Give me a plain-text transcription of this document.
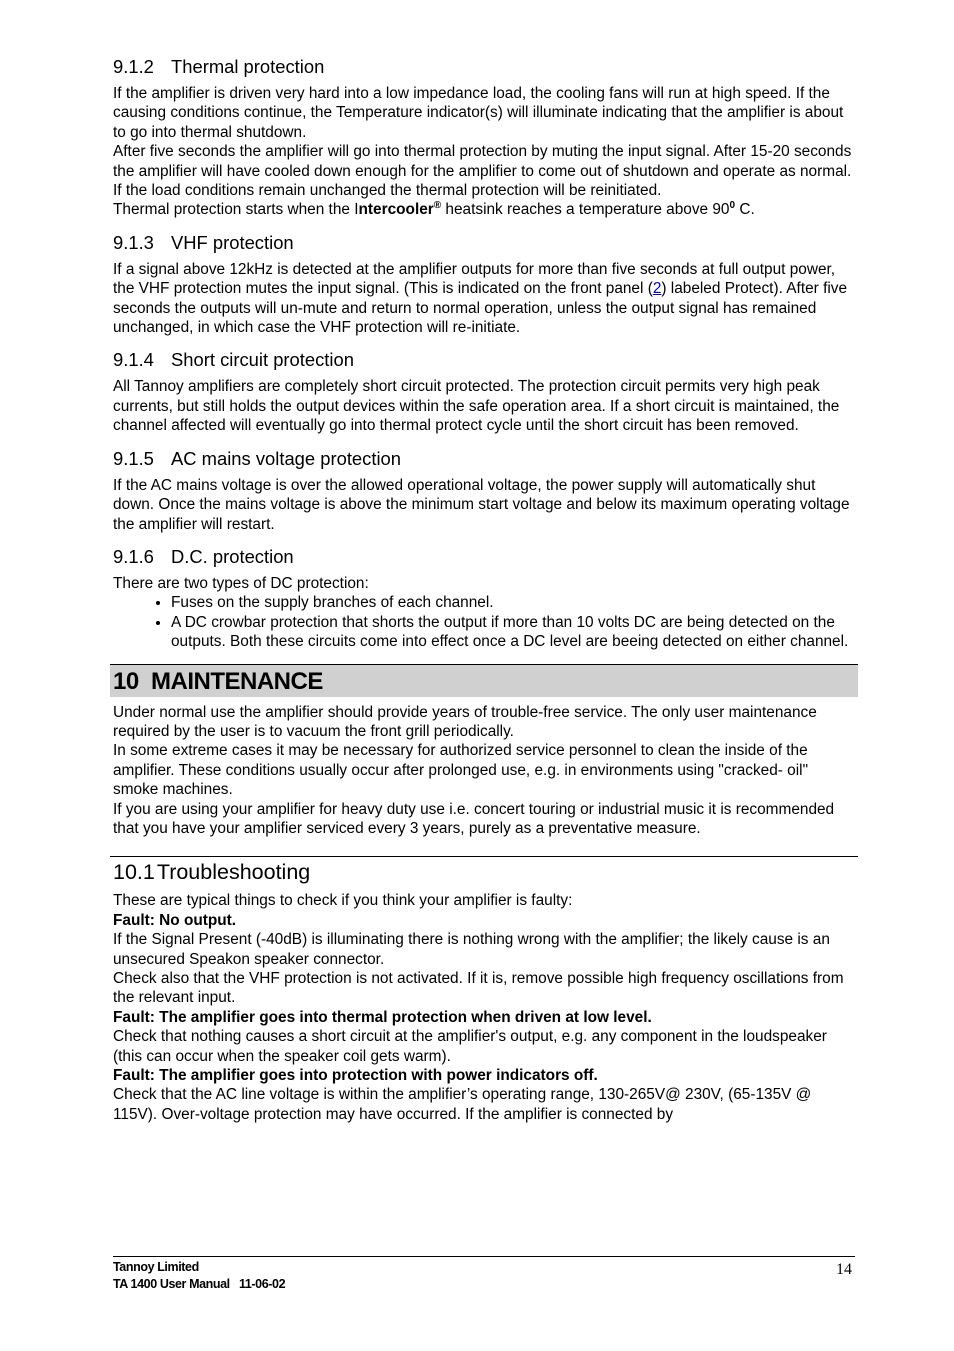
9.1.2 Thermal protection

If the amplifier is driven very hard into a low impedance load, the cooling fans will run at high speed. If the causing conditions continue, the Temperature indicator(s) will illuminate indicating that the amplifier is about to go into thermal shutdown.

After five seconds the amplifier will go into thermal protection by muting the input signal. After 15-20 seconds the amplifier will have cooled down enough for the amplifier to come out of shutdown and operate as normal. If the load conditions remain unchanged the thermal protection will be reinitiated.

Thermal protection starts when the Intercooler® heatsink reaches a temperature above $90^0$ C.

9.1.3 VHF protection

If a signal above 12kHz is detected at the amplifier outputs for more than five seconds at full output power, the VHF protection mutes the input signal. (This is indicated on the front panel (2) labeled Protect). After five seconds the outputs will un-mute and return to normal operation, unless the output signal has remained unchanged, in which case the VHF protection will re-initiate.

9.1.4 Short circuit protection

All Tannoy amplifiers are completely short circuit protected. The protection circuit permits very high peak currents, but still holds the output devices within the safe operation area. If a short circuit is maintained, the channel affected will eventually go into thermal protect cycle until the short circuit has been removed.

9.1.5 AC mains voltage protection

If the AC mains voltage is over the allowed operational voltage, the power supply will automatically shut down. Once the mains voltage is above the minimum start voltage and below its maximum operating voltage the amplifier will restart.

9.1.6 D.C. protection

There are two types of DC protection:

• Fuses on the supply branches of each channel.
• A DC crowbar protection that shorts the output if more than 10 volts DC are being detected on the outputs. Both these circuits come into effect once a DC level are beeing detected on either channel.
10 MAINTENANCE

Under normal use the amplifier should provide years of trouble-free service. The only user maintenance required by the user is to vacuum the front grill periodically.

In some extreme cases it may be necessary for authorized service personnel to clean the inside of the amplifier. These conditions usually occur after prolonged use, e.g. in environments using "cracked- oil" smoke machines.

If you are using your amplifier for heavy duty use i.e. concert touring or industrial music it is recommended that you have your amplifier serviced every 3 years, purely as a preventative measure.

10.1Troubleshooting

These are typical things to check if you think your amplifier is faulty:

Fault: No output.

If the Signal Present (-40dB) is illuminating there is nothing wrong with the amplifier; the likely cause is an unsecured Speakon speaker connector.

Check also that the VHF protection is not activated. If it is, remove possible high frequency oscillations from the relevant input.

Fault: The amplifier goes into thermal protection when driven at low level.

Check that nothing causes a short circuit at the amplifier's output, e.g. any component in the loudspeaker (this can occur when the speaker coil gets warm).

Fault: The amplifier goes into protection with power indicators off.

Check that the AC line voltage is within the amplifier’s operating range, 130-265V@ 230V, (65-135V @ 115V). Over-voltage protection may have occurred. If the amplifier is connected by

Tannoy Limited
TA 1400 User Manual   11-06-02
14
